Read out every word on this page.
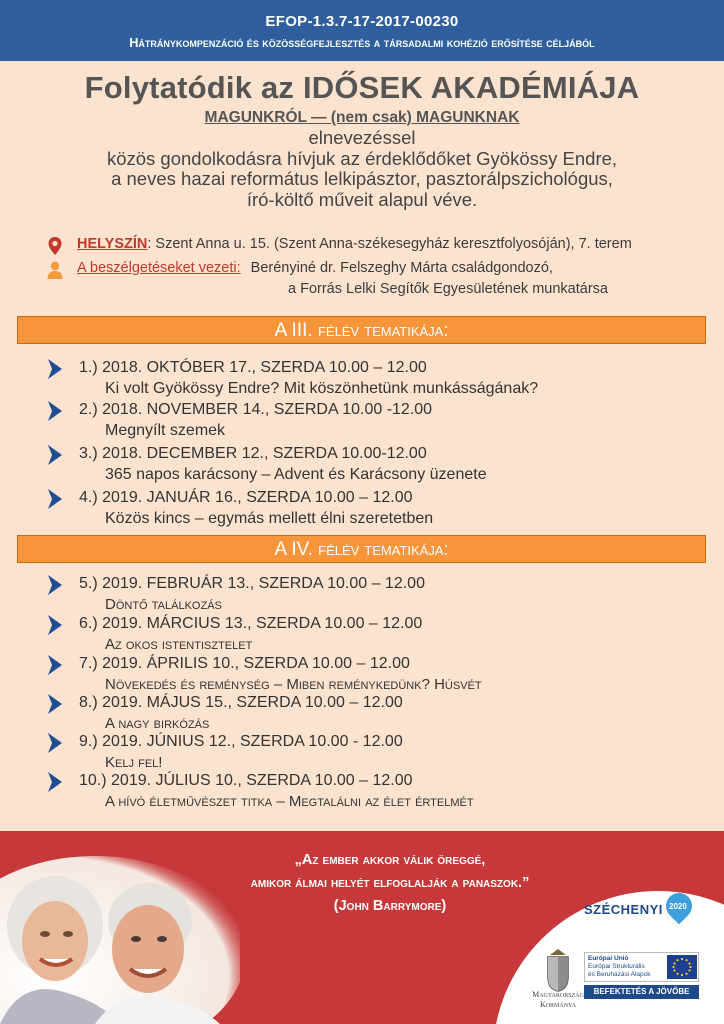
EFOP-1.3.7-17-2017-00230
Hátránykompenzáció és közösségfejlesztés a társadalmi kohézió erősítése céljából
Folytatódik az IDŐSEK AKADÉMIÁJA
MAGUNKRÓL — (nem csak) MAGUNKNAK
elnevezéssel
közös gondolkodásra hívjuk az érdeklődőket Gyökössy Endre,
a neves hazai református lelkipásztor, pasztorálpszichológus,
író-költő műveit alapul véve.
HELYSZÍN: Szent Anna u. 15. (Szent Anna-székesegyház keresztfolyosóján), 7. terem
A beszélgetéseket vezeti: Berényiné dr. Felszeghy Márta családgondozó,
a Forrás Lelki Segítők Egyesületének munkatársa
A III. félév tematikája:
1.) 2018. OKTÓBER 17., SZERDA 10.00 – 12.00
Ki volt Gyökössy Endre? Mit köszönhetünk munkásságának?
2.) 2018. NOVEMBER 14., SZERDA 10.00 -12.00
Megnyílt szemek
3.) 2018. DECEMBER 12., SZERDA 10.00-12.00
365 napos karácsony – Advent és Karácsony üzenete
4.) 2019. JANUÁR 16., SZERDA 10.00 – 12.00
Közös kincs – egymás mellett élni szeretetben
A IV. félév tematikája:
5.) 2019. FEBRUÁR 13., SZERDA 10.00 – 12.00
Döntő találkozás
6.) 2019. MÁRCIUS 13., SZERDA 10.00 – 12.00
Az okos istentisztelet
7.) 2019. ÁPRILIS 10., SZERDA 10.00 – 12.00
Növekedés és reménység – Miben reménykedünk? Húsvét
8.) 2019. MÁJUS 15., SZERDA 10.00 – 12.00
A nagy birkózás
9.) 2019. JÚNIUS 12., SZERDA 10.00 - 12.00
Kelj fel!
10.) 2019. JÚLIUS 10., SZERDA 10.00 – 12.00
A hívó életművészet titka – Megtalálni az élet értelmét
„Az ember akkor válik öreggé,
amikor álmai helyét elfoglalják a panaszok.”
(John Barrymore)	SZÉCHENYI 2020
Magyarország
Kormánya
Európai Unió
Európai Strukturális
és Beruházási Alapok
BEFEKTETÉS A JÖVŐBE
